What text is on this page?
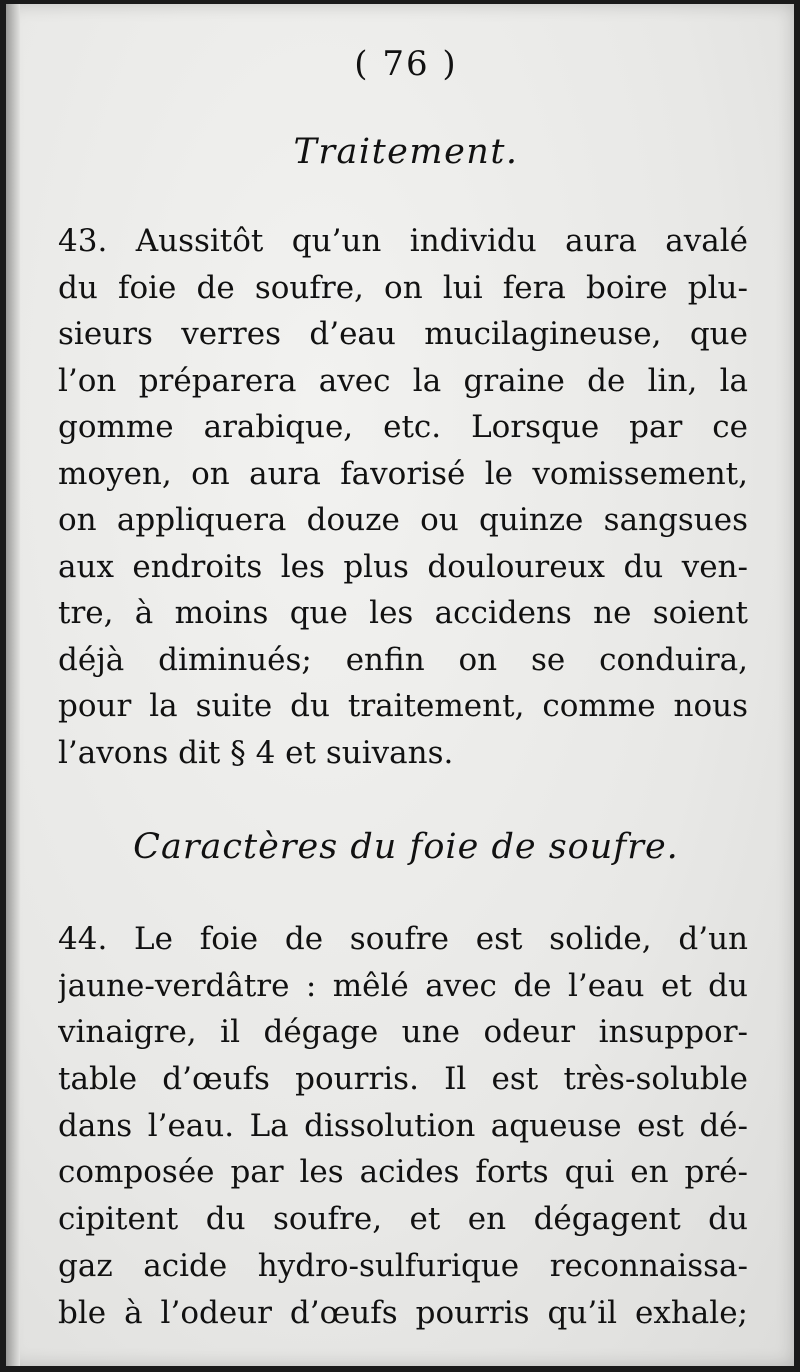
( 76 )
Traitement.
43. Aussitôt qu’un individu aura avalé
du foie de soufre, on lui fera boire plu-
sieurs verres d’eau mucilagineuse, que
l’on préparera avec la graine de lin, la
gomme arabique, etc. Lorsque par ce
moyen, on aura favorisé le vomissement,
on appliquera douze ou quinze sangsues
aux endroits les plus douloureux du ven-
tre, à moins que les accidens ne soient
déjà diminués; enfin on se conduira,
pour la suite du traitement, comme nous
l’avons dit § 4 et suivans.
Caractères du foie de soufre.
44. Le foie de soufre est solide, d’un
jaune-verdâtre : mêlé avec de l’eau et du
vinaigre, il dégage une odeur insuppor-
table d’œufs pourris. Il est très-soluble
dans l’eau. La dissolution aqueuse est dé-
composée par les acides forts qui en pré-
cipitent du soufre, et en dégagent du
gaz acide hydro-sulfurique reconnaissa-
ble à l’odeur d’œufs pourris qu’il exhale;
